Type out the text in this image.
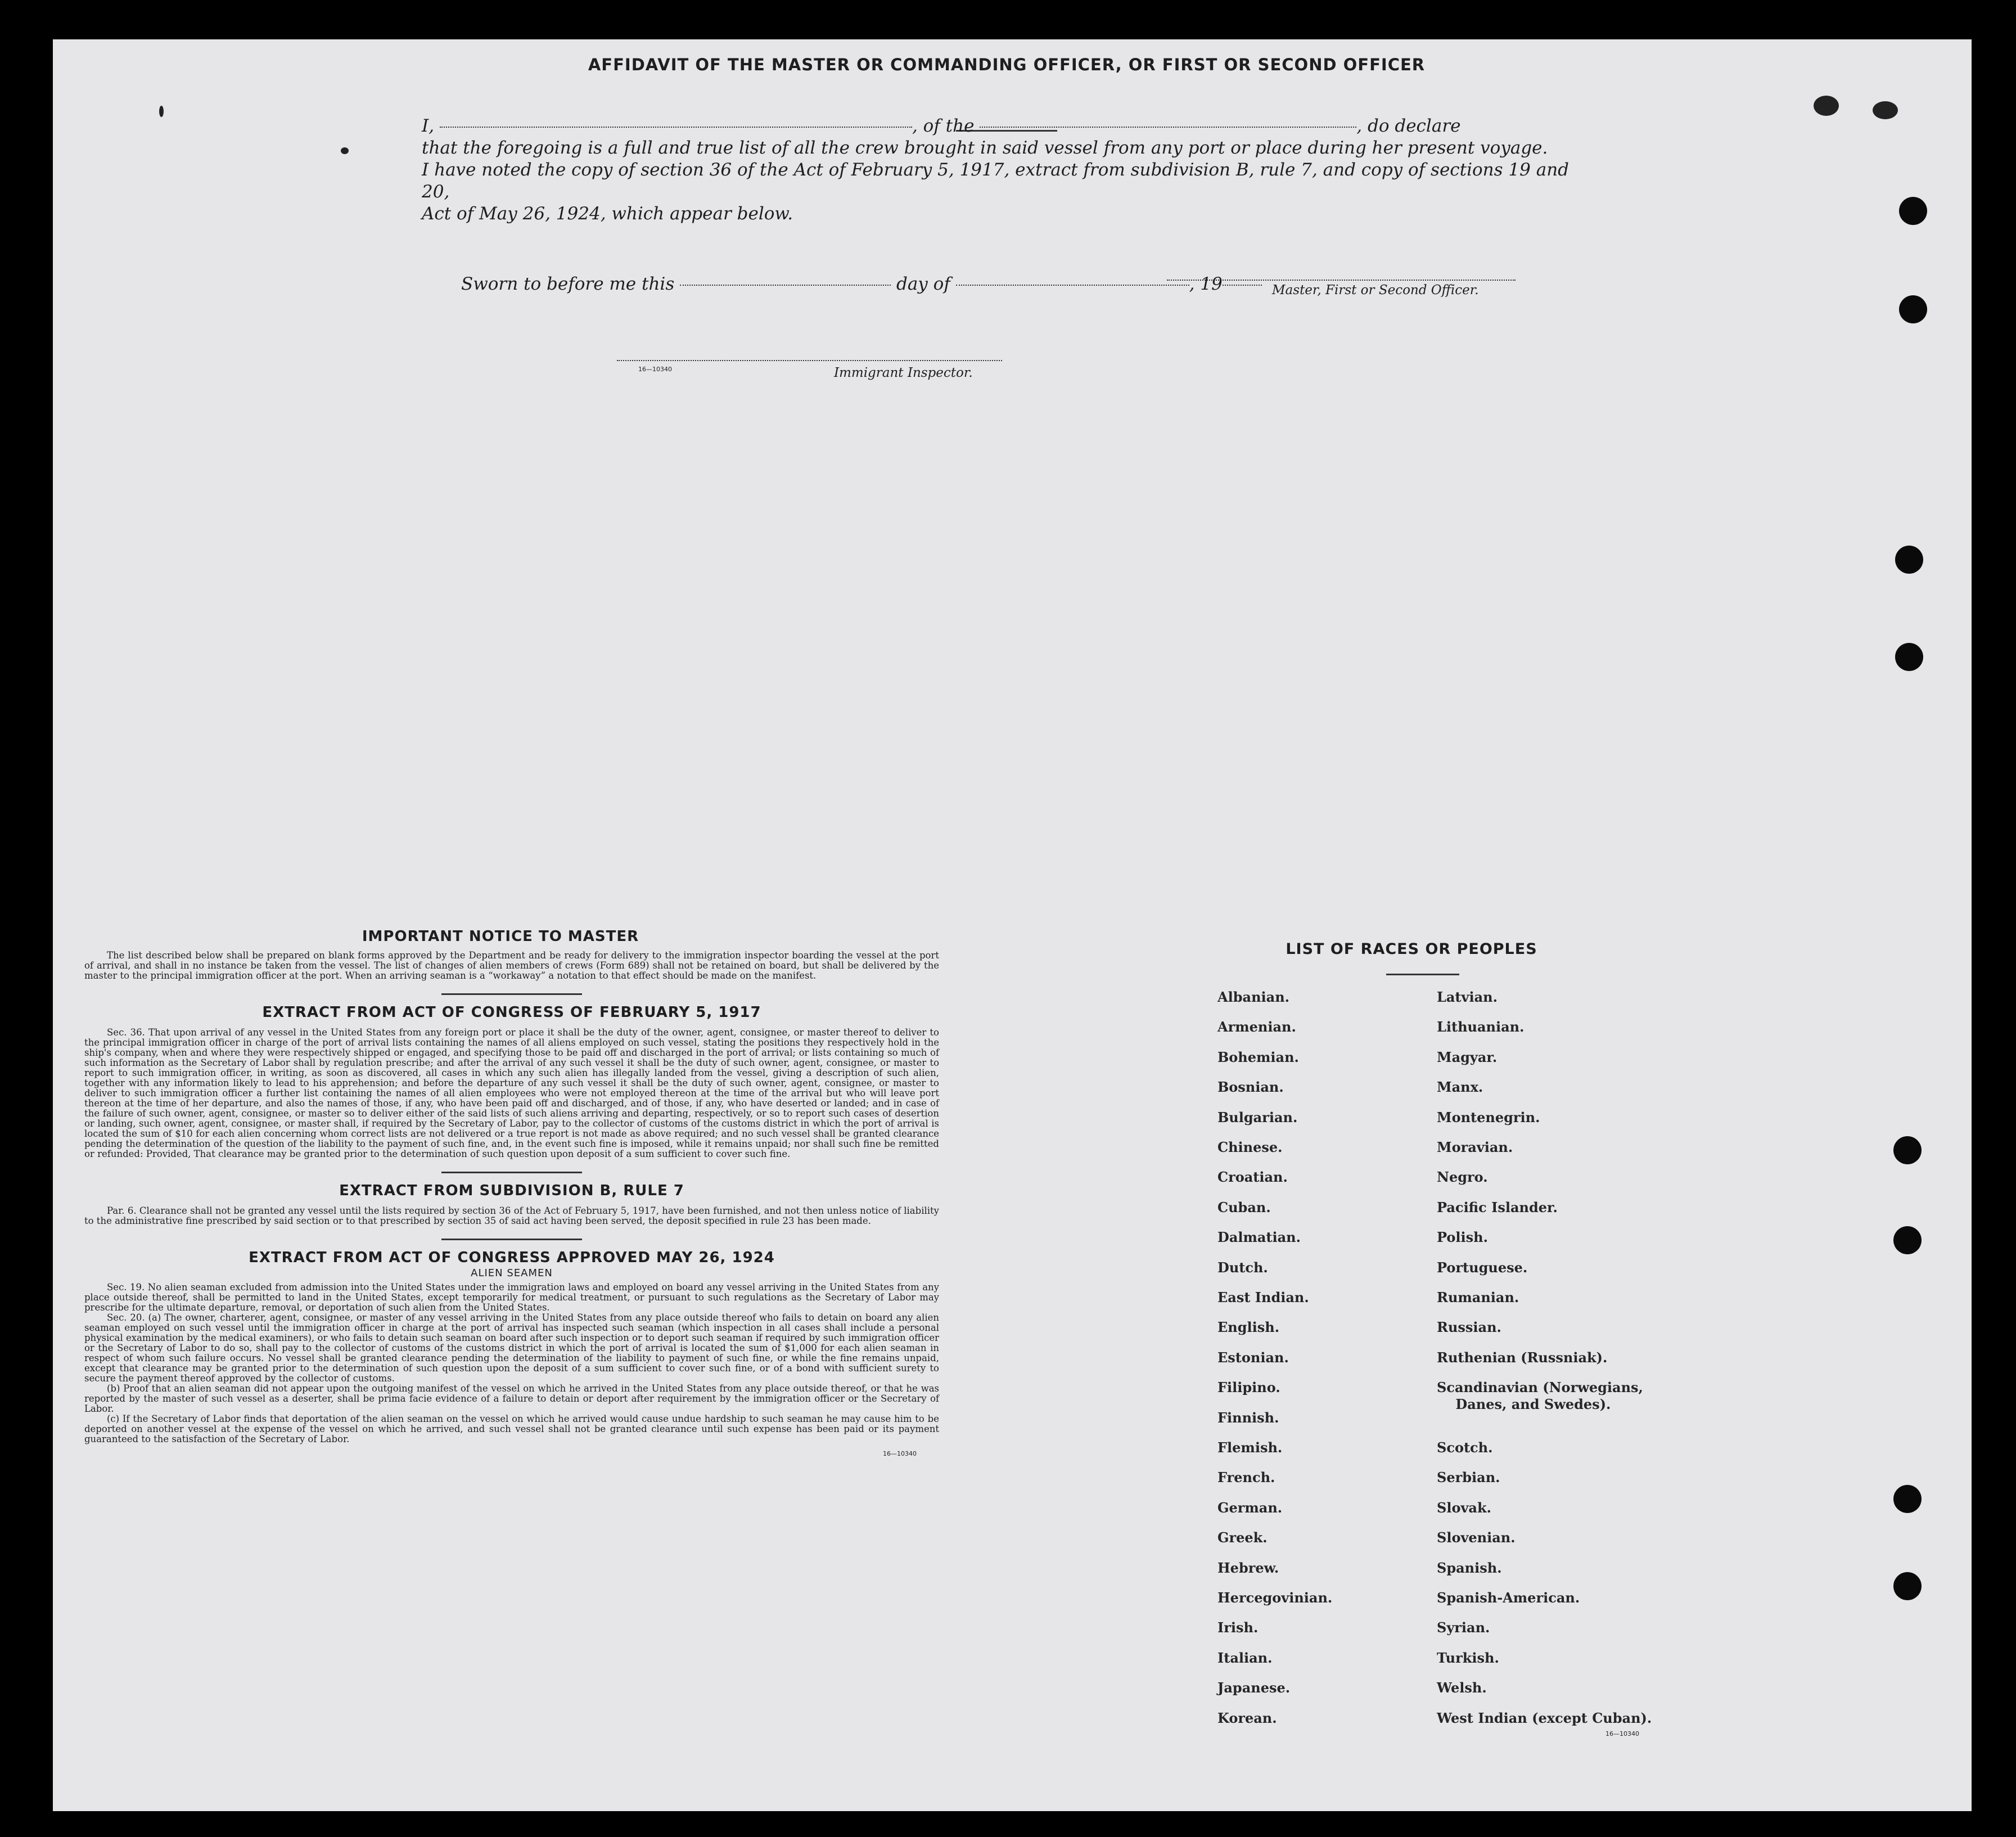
AFFIDAVIT OF THE MASTER OR COMMANDING OFFICER, OR FIRST OR SECOND OFFICER
I,	, of the	, do declare
that the foregoing is a full and true list of all the crew brought in said vessel from any port or place during her present voyage.
I have noted the copy of section 36 of the Act of February 5, 1917, extract from subdivision B, rule 7, and copy of sections 19 and 20,
Act of May 26, 1924, which appear below.
Master, First or Second Officer.
Sworn to before me this	day of	, 19
16—10340	Immigrant Inspector.
IMPORTANT NOTICE TO MASTER

The list described below shall be prepared on blank forms approved by the Department and be ready for delivery to the immigration inspector boarding the vessel at the port of arrival, and shall in no instance be taken from the vessel. The list of changes of alien members of crews (Form 689) shall not be retained on board, but shall be delivered by the master to the principal immigration officer at the port. When an arriving seaman is a “workaway” a notation to that effect should be made on the manifest.

EXTRACT FROM ACT OF CONGRESS OF FEBRUARY 5, 1917

Sec. 36. That upon arrival of any vessel in the United States from any foreign port or place it shall be the duty of the owner, agent, consignee, or master thereof to deliver to the principal immigration officer in charge of the port of arrival lists containing the names of all aliens employed on such vessel, stating the positions they respectively hold in the ship's company, when and where they were respectively shipped or engaged, and specifying those to be paid off and discharged in the port of arrival; or lists containing so much of such information as the Secretary of Labor shall by regulation prescribe; and after the arrival of any such vessel it shall be the duty of such owner, agent, consignee, or master to report to such immigration officer, in writing, as soon as discovered, all cases in which any such alien has illegally landed from the vessel, giving a description of such alien, together with any information likely to lead to his apprehension; and before the departure of any such vessel it shall be the duty of such owner, agent, consignee, or master to deliver to such immigration officer a further list containing the names of all alien employees who were not employed thereon at the time of the arrival but who will leave port thereon at the time of her departure, and also the names of those, if any, who have been paid off and discharged, and of those, if any, who have deserted or landed; and in case of the failure of such owner, agent, consignee, or master so to deliver either of the said lists of such aliens arriving and departing, respectively, or so to report such cases of desertion or landing, such owner, agent, consignee, or master shall, if required by the Secretary of Labor, pay to the collector of customs of the customs district in which the port of arrival is located the sum of $10 for each alien concerning whom correct lists are not delivered or a true report is not made as above required; and no such vessel shall be granted clearance pending the determination of the question of the liability to the payment of such fine, and, in the event such fine is imposed, while it remains unpaid; nor shall such fine be remitted or refunded: Provided, That clearance may be granted prior to the determination of such question upon deposit of a sum sufficient to cover such fine.

EXTRACT FROM SUBDIVISION B, RULE 7

Par. 6. Clearance shall not be granted any vessel until the lists required by section 36 of the Act of February 5, 1917, have been furnished, and not then unless notice of liability to the administrative fine prescribed by said section or to that prescribed by section 35 of said act having been served, the deposit specified in rule 23 has been made.

EXTRACT FROM ACT OF CONGRESS APPROVED MAY 26, 1924
ALIEN SEAMEN

Sec. 19. No alien seaman excluded from admission into the United States under the immigration laws and employed on board any vessel arriving in the United States from any place outside thereof, shall be permitted to land in the United States, except temporarily for medical treatment, or pursuant to such regulations as the Secretary of Labor may prescribe for the ultimate departure, removal, or deportation of such alien from the United States.

Sec. 20. (a) The owner, charterer, agent, consignee, or master of any vessel arriving in the United States from any place outside thereof who fails to detain on board any alien seaman employed on such vessel until the immigration officer in charge at the port of arrival has inspected such seaman (which inspection in all cases shall include a personal physical examination by the medical examiners), or who fails to detain such seaman on board after such inspection or to deport such seaman if required by such immigration officer or the Secretary of Labor to do so, shall pay to the collector of customs of the customs district in which the port of arrival is located the sum of $1,000 for each alien seaman in respect of whom such failure occurs. No vessel shall be granted clearance pending the determination of the liability to payment of such fine, or while the fine remains unpaid, except that clearance may be granted prior to the determination of such question upon the deposit of a sum sufficient to cover such fine, or of a bond with sufficient surety to secure the payment thereof approved by the collector of customs.

(b) Proof that an alien seaman did not appear upon the outgoing manifest of the vessel on which he arrived in the United States from any place outside thereof, or that he was reported by the master of such vessel as a deserter, shall be prima facie evidence of a failure to detain or deport after requirement by the immigration officer or the Secretary of Labor.

(c) If the Secretary of Labor finds that deportation of the alien seaman on the vessel on which he arrived would cause undue hardship to such seaman he may cause him to be deported on another vessel at the expense of the vessel on which he arrived, and such vessel shall not be granted clearance until such expense has been paid or its payment guaranteed to the satisfaction of the Secretary of Labor.

16—10340
LIST OF RACES OR PEOPLES
Albanian.
Armenian.
Bohemian.
Bosnian.
Bulgarian.
Chinese.
Croatian.
Cuban.
Dalmatian.
Dutch.
East Indian.
English.
Estonian.
Filipino.
Finnish.
Flemish.
French.
German.
Greek.
Hebrew.
Hercegovinian.
Irish.
Italian.
Japanese.
Korean.
Latvian.
Lithuanian.
Magyar.
Manx.
Montenegrin.
Moravian.
Negro.
Pacific Islander.
Polish.
Portuguese.
Rumanian.
Russian.
Ruthenian (Russniak).
Scandinavian (Norwegians,
Danes, and Swedes).
Scotch.
Serbian.
Slovak.
Slovenian.
Spanish.
Spanish-American.
Syrian.
Turkish.
Welsh.
West Indian (except Cuban).
16—10340
